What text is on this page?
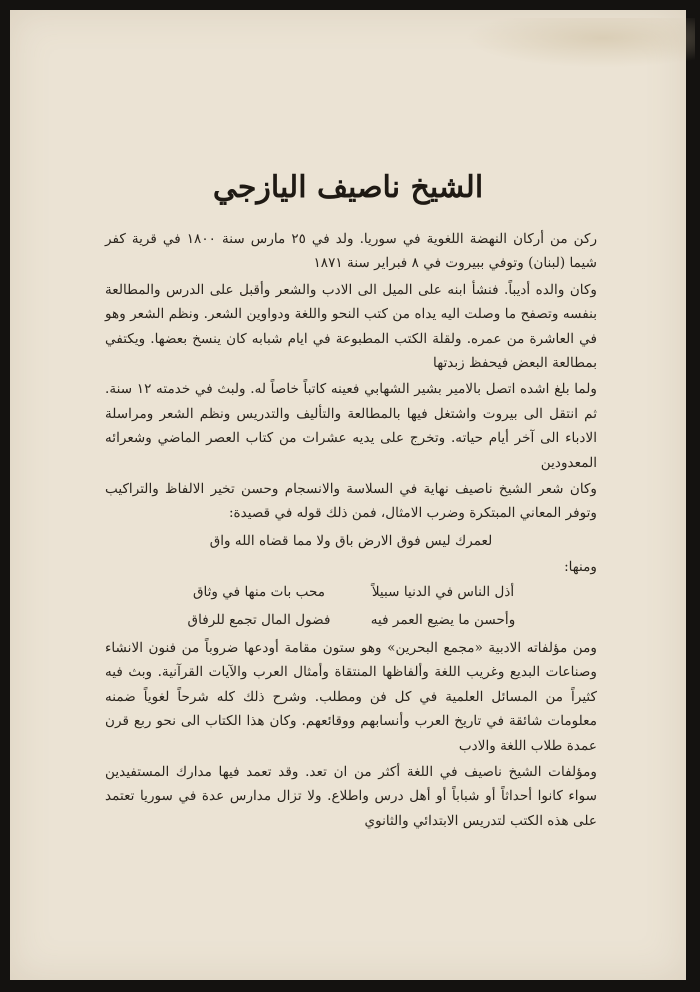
الشيخ ناصيف اليازجي

ركن من أركان النهضة اللغوية في سوريا. ولد في ٢٥ مارس سنة ١٨٠٠ في قرية كفر شيما (لبنان) وتوفي ببيروت في ٨ فبراير سنة ١٨٧١

وكان والده أديباً. فنشأ ابنه على الميل الى الادب والشعر وأقبل على الدرس والمطالعة بنفسه وتصفح ما وصلت اليه يداه من كتب النحو واللغة ودواوين الشعر. ونظم الشعر وهو في العاشرة من عمره. ولقلة الكتب المطبوعة في ايام شبابه كان ينسخ بعضها. ويكتفي بمطالعة البعض فيحفظ زبدتها

ولما بلغ اشده اتصل بالامير بشير الشهابي فعينه كاتباً خاصاً له. ولبث في خدمته ١٢ سنة. ثم انتقل الى بيروت واشتغل فيها بالمطالعة والتأليف والتدريس ونظم الشعر ومراسلة الادباء الى آخر أيام حياته. وتخرج على يديه عشرات من كتاب العصر الماضي وشعرائه المعدودين

وكان شعر الشيخ ناصيف نهاية في السلاسة والانسجام وحسن تخير الالفاظ والتراكيب وتوفر المعاني المبتكرة وضرب الامثال، فمن ذلك قوله في قصيدة:

لعمرك ليس فوق الارض باق ولا مما قضاه الله واق
ومنها:
أذل الناس في الدنيا سبيلاً
محب بات منها في وثاق
وأحسن ما يضيع العمر فيه
فضول المال تجمع للرفاق

ومن مؤلفاته الادبية «مجمع البحرين» وهو ستون مقامة أودعها ضروباً من فنون الانشاء وصناعات البديع وغريب اللغة وألفاظها المنتقاة وأمثال العرب والآيات القرآنية. وبث فيه كثيراً من المسائل العلمية في كل فن ومطلب. وشرح ذلك كله شرحاً لغوياً ضمنه معلومات شائقة في تاريخ العرب وأنسابهم ووقائعهم. وكان هذا الكتاب الى نحو ربع قرن عمدة طلاب اللغة والادب

ومؤلفات الشيخ ناصيف في اللغة أكثر من ان تعد. وقد تعمد فيها مدارك المستفيدين سواء كانوا أحداثاً أو شباباً أو أهل درس واطلاع. ولا تزال مدارس عدة في سوريا تعتمد على هذه الكتب لتدريس الابتدائي والثانوي
